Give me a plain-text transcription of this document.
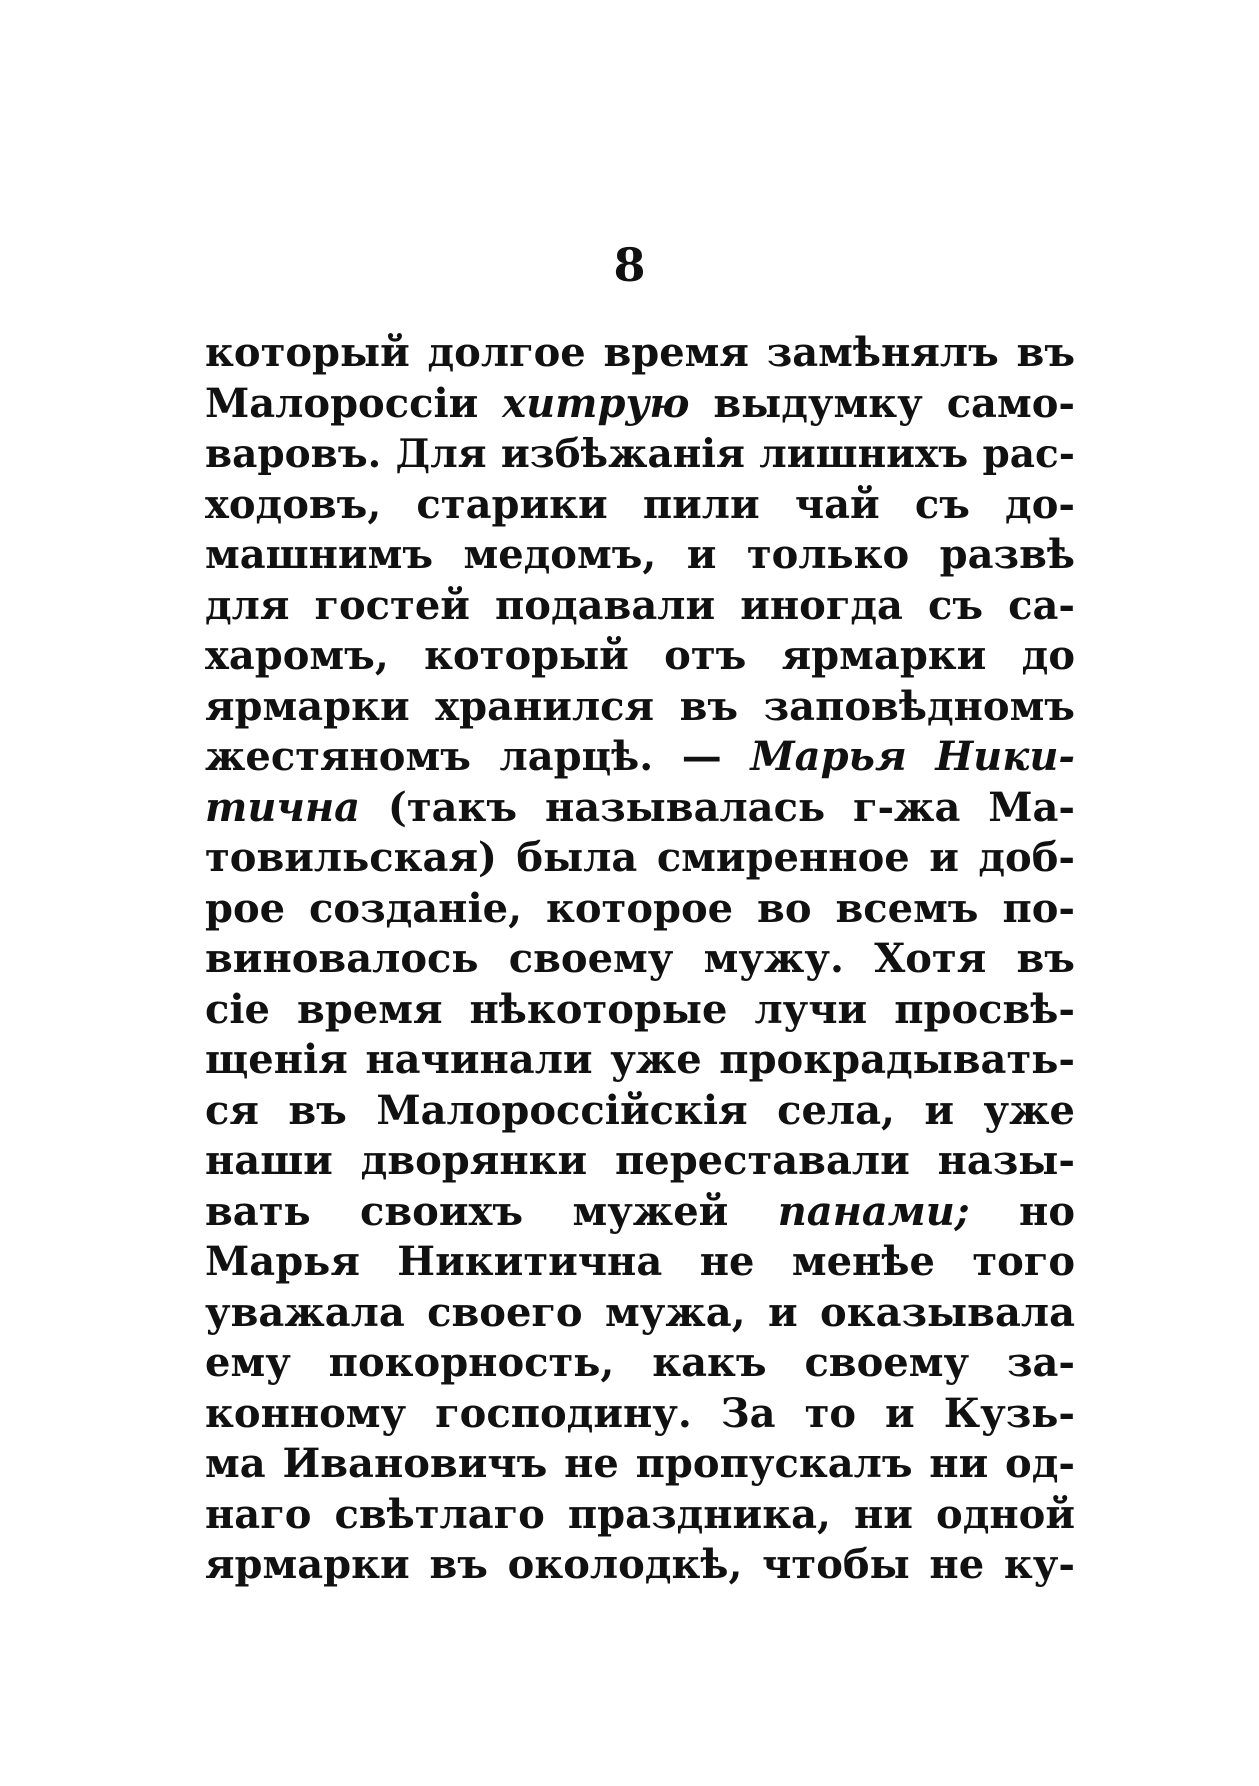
8
который долгое время замѣнялъ въ
Малороссіи хитрую выдумку само-
варовъ. Для избѣжанія лишнихъ рас-
ходовъ, старики пили чай съ до-
машнимъ медомъ, и только развѣ
для гостей подавали иногда съ са-
харомъ, который отъ ярмарки до
ярмарки хранился въ заповѣдномъ
жестяномъ ларцѣ. — Марья Ники-
тична (такъ называлась г-жа Ма-
товильская) была смиренное и доб-
рое созданіе, которое во всемъ по-
виновалось своему мужу. Хотя въ
сіе время нѣкоторые лучи просвѣ-
щенія начинали уже прокрадывать-
ся въ Малороссійскія села, и уже
наши дворянки переставали назы-
вать своихъ мужей панами; но
Марья Никитична не менѣе того
уважала своего мужа, и оказывала
ему покорность, какъ своему за-
конному господину. За то и Кузь-
ма Ивановичъ не пропускалъ ни од-
наго свѣтлаго праздника, ни одной
ярмарки въ околодкѣ, чтобы не ку-
